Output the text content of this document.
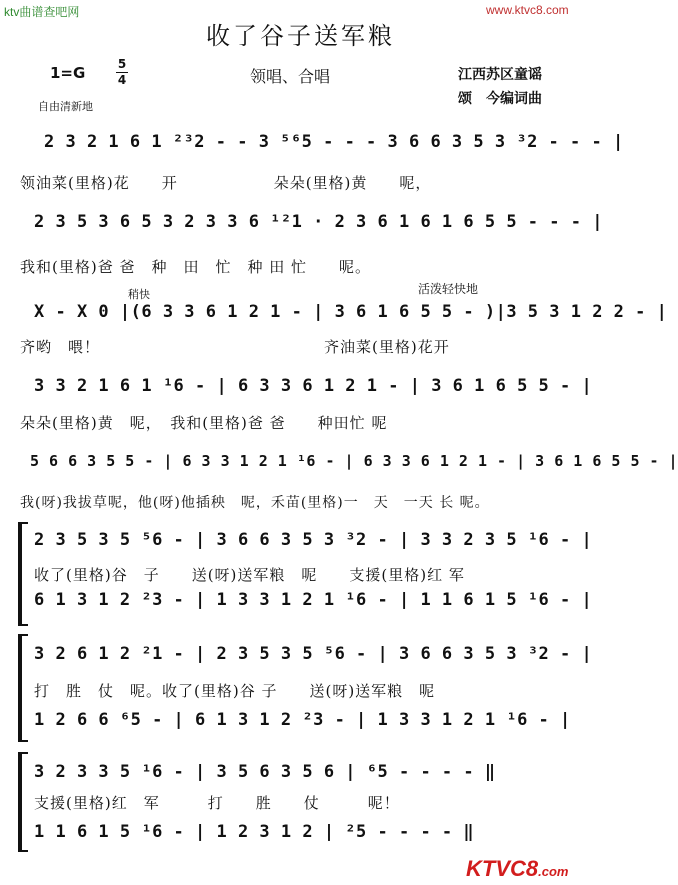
ktv曲谱查吧网	www.ktvc8.com
收了谷子送军粮
1=G	5
4	领唱、合唱	江西苏区童谣
颂　今编词曲
自由清新地
2 3 2 1 6 1 ²³2 - - 3 ⁵⁶5 - - - 3 6 6 3 5 3 ³2 - - - |
领油菜(里格)花　　开　　　　　　朵朵(里格)黄　　呢，
2 3 5 3 6 5 3 2 3 3 6 ¹²1 · 2 3 6 1 6 1 6 5 5 - - - |
我和(里格)爸 爸　种　田　忙　种 田 忙　　呢。
稍快	活泼轻快地
X - X 0 |(6 3 3 6 1 2 1 - | 3 6 1 6 5 5 - )|3 5 3 1 2 2 - |
齐哟　喂！　　　　　　　　　　　　　　齐油菜(里格)花开
3 3 2 1 6 1 ¹6 - | 6 3 3 6 1 2 1 - | 3 6 1 6 5 5 - |
朵朵(里格)黄　呢，　我和(里格)爸 爸　　种田忙 呢
5 6 6 3 5 5 - | 6 3 3 1 2 1 ¹6 - | 6 3 3 6 1 2 1 - | 3 6 1 6 5 5 - |
我(呀)我拔草呢，他(呀)他插秧　呢，禾苗(里格)一　天　一天 长 呢。
2 3 5 3 5 ⁵6 - | 3 6 6 3 5 3 ³2 - | 3 3 2 3 5 ¹6 - |
收了(里格)谷　子　　送(呀)送军粮　呢　　支援(里格)红 军
6 1 3 1 2 ²3 - | 1 3 3 1 2 1 ¹6 - | 1 1 6 1 5 ¹6 - |
3 2 6 1 2 ²1 - | 2 3 5 3 5 ⁵6 - | 3 6 6 3 5 3 ³2 - |
打　胜　仗　呢。收了(里格)谷 子　　送(呀)送军粮　呢
1 2 6 6 ⁶5 - | 6 1 3 1 2 ²3 - | 1 3 3 1 2 1 ¹6 - |
3 2 3 3 5 ¹6 - | 3 5 6 3 5 6 | ⁶5 - - - - ‖
支援(里格)红　军　　　打　　胜　　仗　　　呢！
1 1 6 1 5 ¹6 - | 1 2 3 1 2 | ²5 - - - - ‖
KTVC8.com
